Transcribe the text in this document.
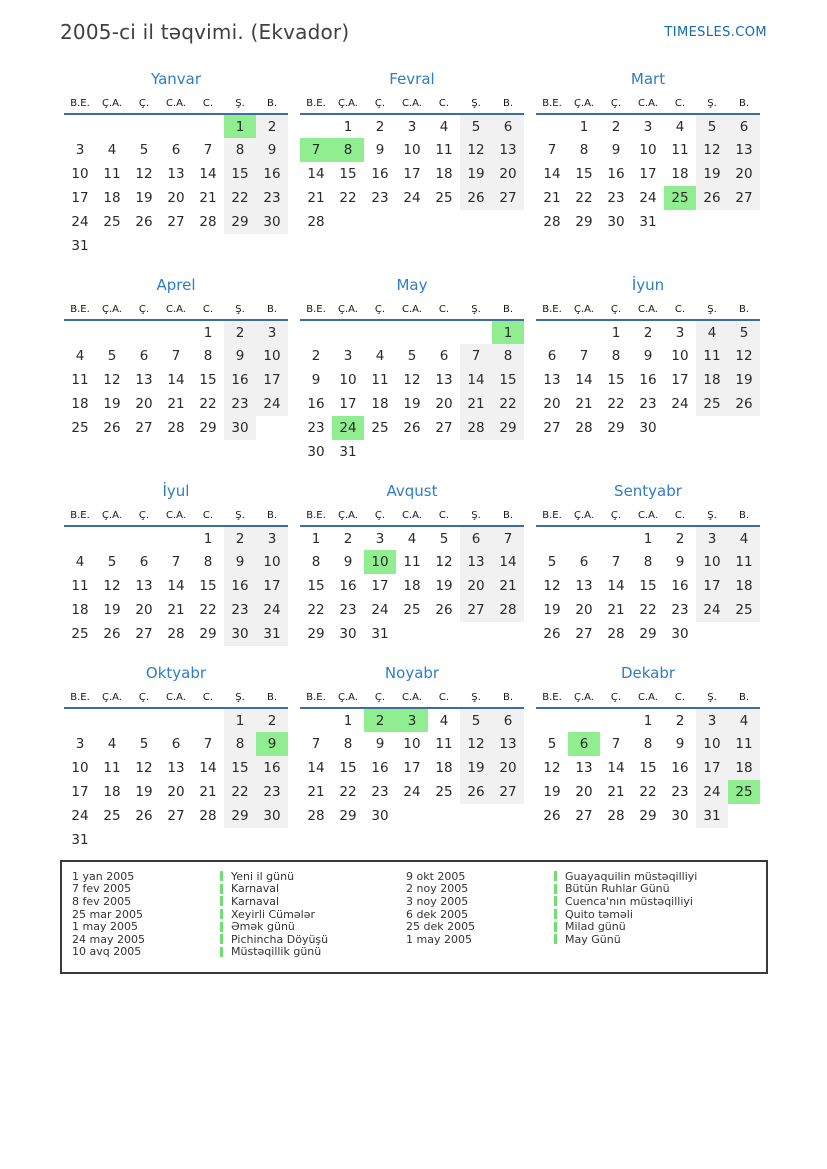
2005-ci il təqvimi. (Ekvador)	TIMESLES.COM
Yanvar
B.E.	Ç.A.	Ç.	C.A.	C.	Ş.	B.
					1	2
3	4	5	6	7	8	9
10	11	12	13	14	15	16
17	18	19	20	21	22	23
24	25	26	27	28	29	30
31						
Fevral
B.E.	Ç.A.	Ç.	C.A.	C.	Ş.	B.
	1	2	3	4	5	6
7	8	9	10	11	12	13
14	15	16	17	18	19	20
21	22	23	24	25	26	27
28						
Mart
B.E.	Ç.A.	Ç.	C.A.	C.	Ş.	B.
	1	2	3	4	5	6
7	8	9	10	11	12	13
14	15	16	17	18	19	20
21	22	23	24	25	26	27
28	29	30	31			
Aprel
B.E.	Ç.A.	Ç.	C.A.	C.	Ş.	B.
				1	2	3
4	5	6	7	8	9	10
11	12	13	14	15	16	17
18	19	20	21	22	23	24
25	26	27	28	29	30	
May
B.E.	Ç.A.	Ç.	C.A.	C.	Ş.	B.
						1
2	3	4	5	6	7	8
9	10	11	12	13	14	15
16	17	18	19	20	21	22
23	24	25	26	27	28	29
30	31					
İyun
B.E.	Ç.A.	Ç.	C.A.	C.	Ş.	B.
		1	2	3	4	5
6	7	8	9	10	11	12
13	14	15	16	17	18	19
20	21	22	23	24	25	26
27	28	29	30			
İyul
B.E.	Ç.A.	Ç.	C.A.	C.	Ş.	B.
				1	2	3
4	5	6	7	8	9	10
11	12	13	14	15	16	17
18	19	20	21	22	23	24
25	26	27	28	29	30	31
Avqust
B.E.	Ç.A.	Ç.	C.A.	C.	Ş.	B.
1	2	3	4	5	6	7
8	9	10	11	12	13	14
15	16	17	18	19	20	21
22	23	24	25	26	27	28
29	30	31				
Sentyabr
B.E.	Ç.A.	Ç.	C.A.	C.	Ş.	B.
			1	2	3	4
5	6	7	8	9	10	11
12	13	14	15	16	17	18
19	20	21	22	23	24	25
26	27	28	29	30		
Oktyabr
B.E.	Ç.A.	Ç.	C.A.	C.	Ş.	B.
					1	2
3	4	5	6	7	8	9
10	11	12	13	14	15	16
17	18	19	20	21	22	23
24	25	26	27	28	29	30
31						
Noyabr
B.E.	Ç.A.	Ç.	C.A.	C.	Ş.	B.
	1	2	3	4	5	6
7	8	9	10	11	12	13
14	15	16	17	18	19	20
21	22	23	24	25	26	27
28	29	30				
Dekabr
B.E.	Ç.A.	Ç.	C.A.	C.	Ş.	B.
			1	2	3	4
5	6	7	8	9	10	11
12	13	14	15	16	17	18
19	20	21	22	23	24	25
26	27	28	29	30	31	
1 yan 2005	Yeni il günü
7 fev 2005	Karnaval
8 fev 2005	Karnaval
25 mar 2005	Xeyirli Cümələr
1 may 2005	Əmək günü
24 may 2005	Pichincha Döyüşü
10 avq 2005	Müstəqillik günü
9 okt 2005	Guayaquilin müstəqilliyi
2 noy 2005	Bütün Ruhlar Günü
3 noy 2005	Cuenca'nın müstəqilliyi
6 dek 2005	Quito təməli
25 dek 2005	Milad günü
1 may 2005	May Günü
